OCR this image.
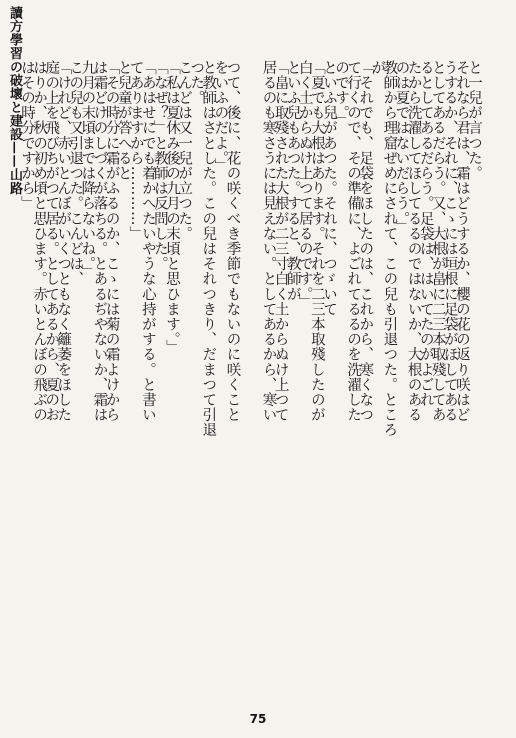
讀方學習の破壞と建設——山路	と一兒が言つた。
それなら君は、霜はどうするか、櫻の花の返り咲はど
うするか、それに、こゝには垣根に足袋がほしてある
としてあるだらう。又、大根が畠に二三本取殘してあ
るとしてあるだらう。足袋は、はいてたのがよごれ
たから洗濯してほしてるるのではないか、大根のある
のは夏ではないだらう。」
教師から理窟ぜめにされて、この兒も引退つた。ところ
が
「それでも、足袋をほしたのは、これから、寒くなつ
て行くので、その準備に、よごれてるるのを洗濯した
のです。」
といふ兒があつた。それに、つゞいて
「夏でも大根はあります。それを二三本取殘したのが
白く土からぬけ上つて居るのです。」
といふ兒もあつた。すると、教師が
「畠に取殘された大根が二三寸白く土からぬけ上つて
居るのも寒さうには見えない。としてあるから、寒い
つて、後に、花の咲くべき季節でもないのに咲くこと
をいふのだよ。」
と教師はさとした。この兒はそれつきり、だまつて引退
つた。
こんどは又一兒が立つた。
「私は夏休み後の九月の末頃と思ひます。」
「なぜ？」と教師は反問した。
「あはせにでも着かへたいやうな心持がする。と書い
てありますから…………」
と兒童が答へると
「その時分に霜がふるのか、こゝには菊の霜よけから
は霜どけのしづくが落ちる。とあるぢやないか、霜は
九月の末頃までは降らないね。」
この兒も又引退つた。こんどは、
「けれど、赤いとんぼがいくつともなく籬萎をほした
庭の上を飛びちがつて居る。としてあるから、夏のお
はりか、秋の初め頃と思ひます。赤いとんぼの飛ぶの
はその時分ですから」
75
